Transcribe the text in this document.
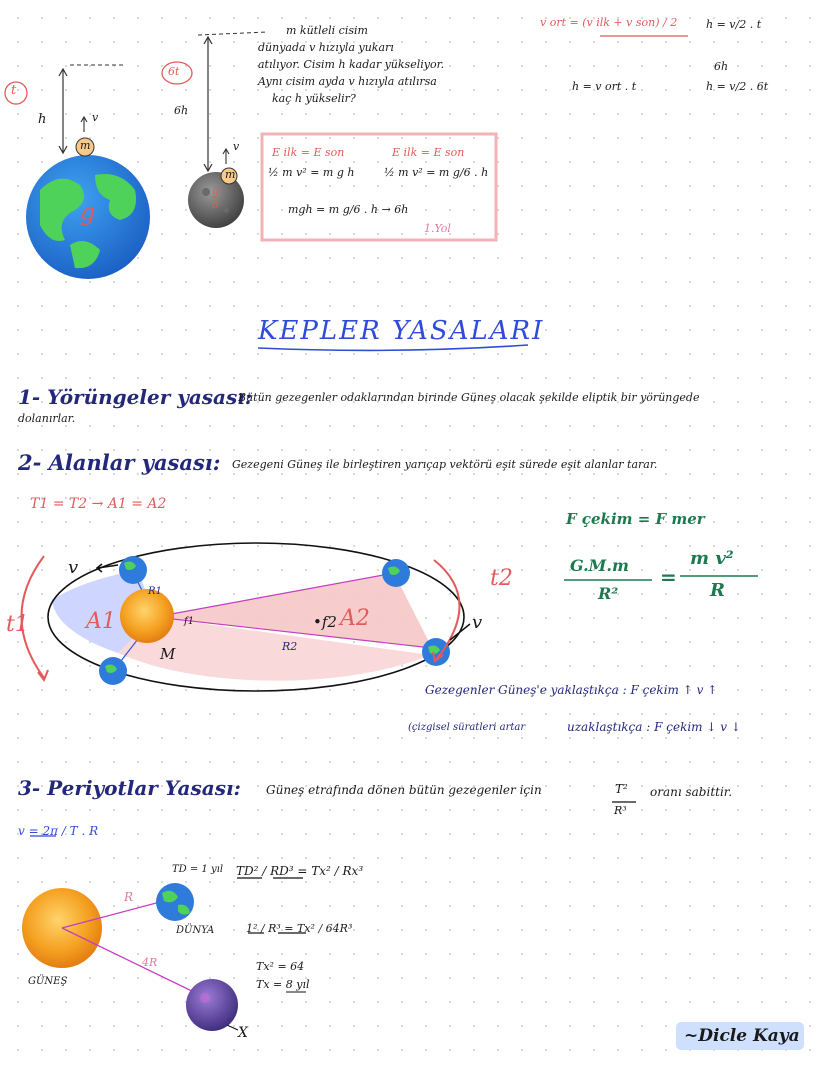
m kütleli cisim
dünyada v hızıyla yukarı
atılıyor. Cisim h kadar yükseliyor.
Aynı cisim ayda v hızıyla atılırsa
kaç h yükselir?
t
6t
h
6h
v
v
m
m
g
$\frac{g}{6}$
E ilk = E son
½ m v² = m g h
E ilk = E son
½ m v² = m g/6 . h
mgh = m g/6 . h → 6h
1.Yol
v ort = (v ilk + v son) / 2	h = v/2 . t
h = v ort . t
6h
h = v/2 . 6t
KEPLER YASALARI
1- Yörüngeler yasası:
Bütün gezegenler odaklarından birinde Güneş olacak şekilde eliptik bir yörüngede
dolanırlar.
2- Alanlar yasası: Gezegeni Güneş ile birleştiren yarıçap vektörü eşit sürede eşit alanlar tarar.
T1 = T2 → A1 = A2
A1	A2
t1
t2
v
v
M
R1
R2
•f2
f1
F çekim = F mer
G.M.m
R²
=
m v²
R
Gezegenler Güneş'e yaklaştıkça : F çekim ↑ v ↑
(çizgisel süratleri artar	uzaklaştıkça : F çekim ↓ v ↓
3- Periyotlar Yasası: Güneş etrafında dönen bütün gezegenler için	T²
R³
oranı sabittir.
v = 2π / T . R
TD = 1 yıl TD² / RD³ = Tx² / Rx³
1² / R³ = Tx² / 64R³
Tx² = 64
Tx = 8 yıl
R
4R
DÜNYA
GÜNEŞ
X	~Dicle Kaya
